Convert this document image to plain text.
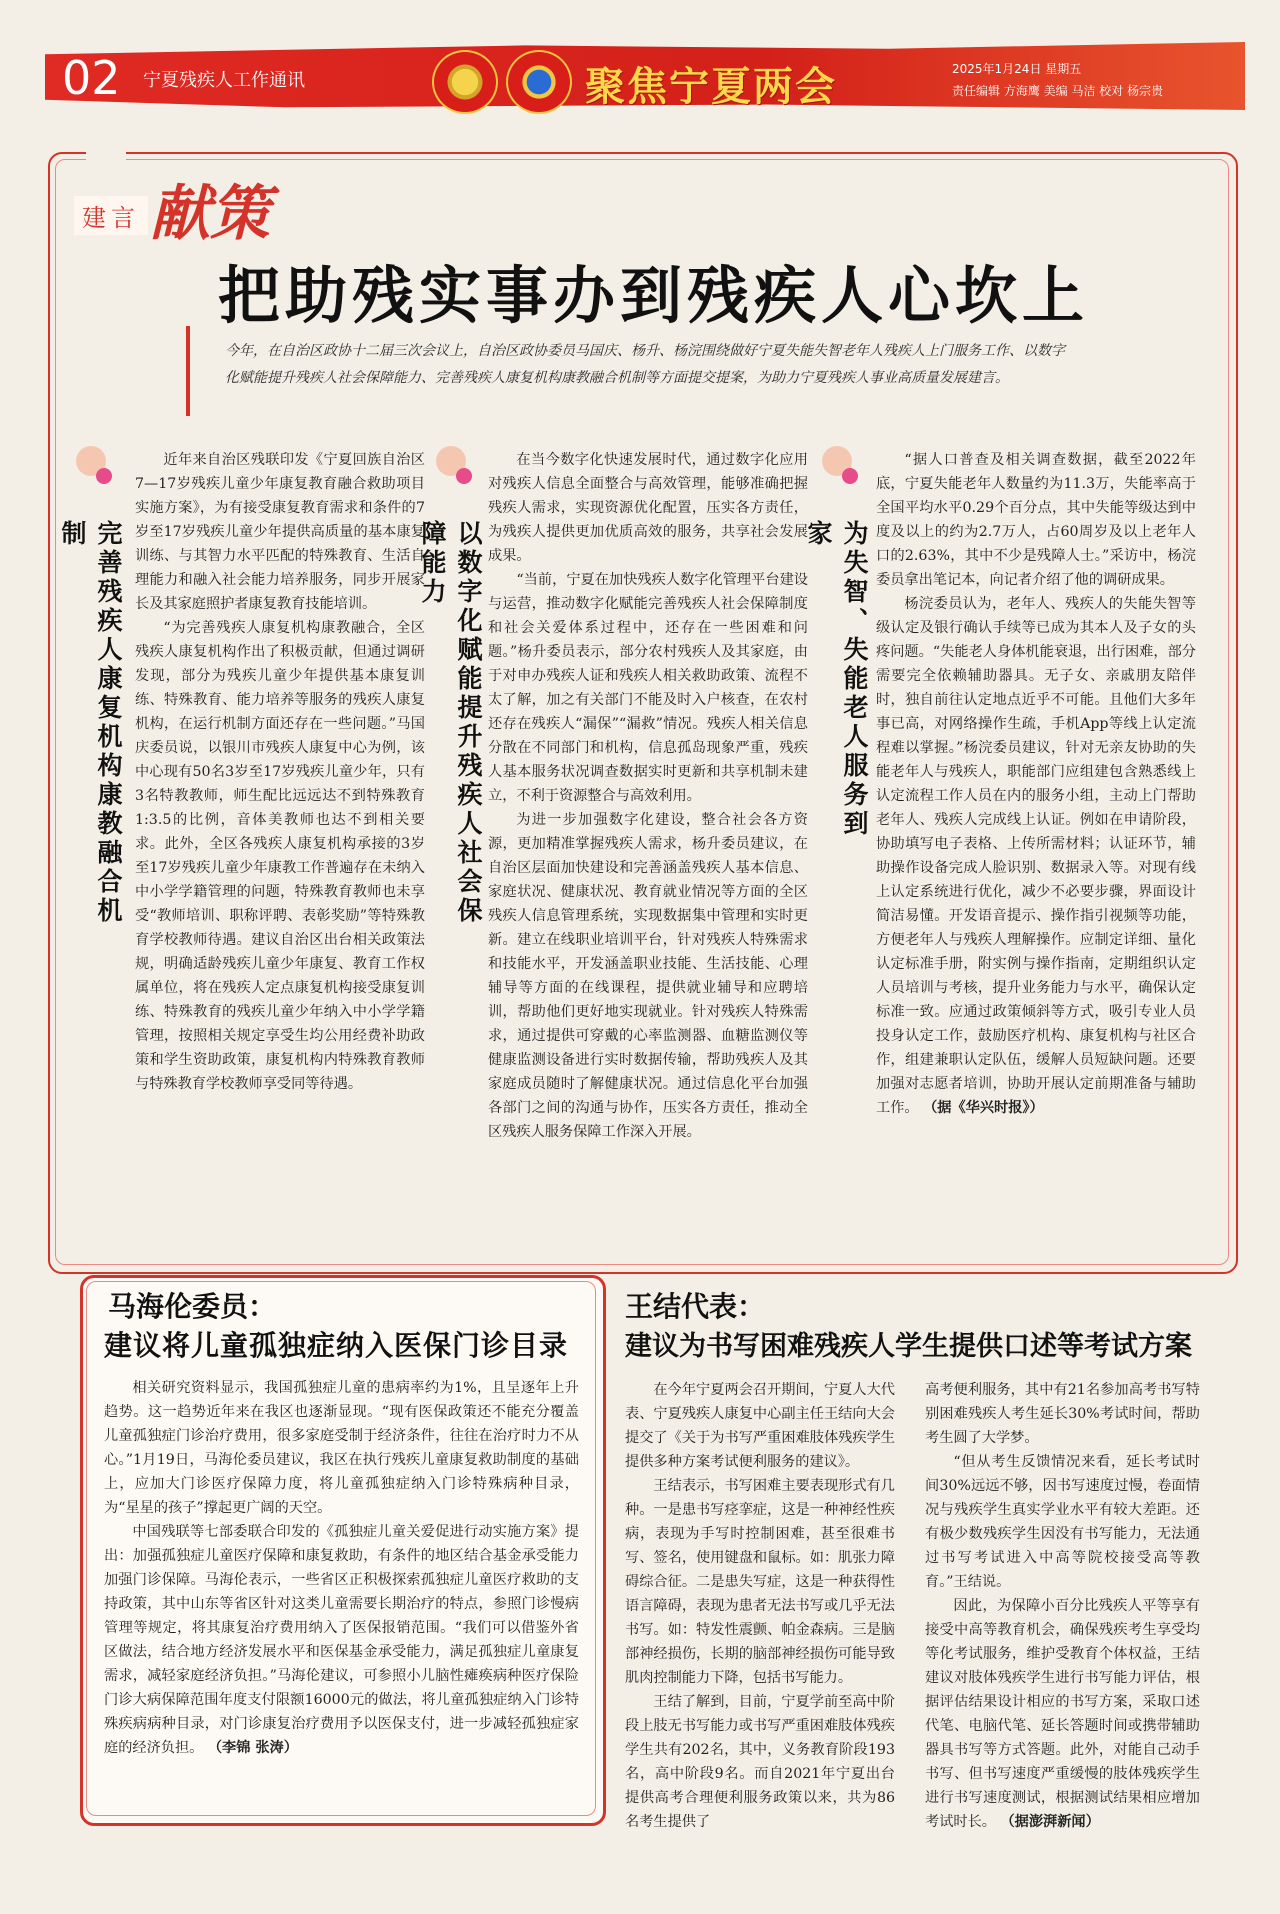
02	宁夏残疾人工作通讯	聚焦宁夏两会	2025年1月24日 星期五
责任编辑 方海鹰 美编 马洁 校对 杨宗贵
建言 献策
把助残实事办到残疾人心坎上
今年，在自治区政协十二届三次会议上，自治区政协委员马国庆、杨升、杨浣围绕做好宁夏失能失智老年人残疾人上门服务工作、以数字化赋能提升残疾人社会保障能力、完善残疾人康复机构康教融合机制等方面提交提案，为助力宁夏残疾人事业高质量发展建言。
完善残疾人康复机构康教融合机制

近年来自治区残联印发《宁夏回族自治区7—17岁残疾儿童少年康复教育融合救助项目实施方案》，为有接受康复教育需求和条件的7岁至17岁残疾儿童少年提供高质量的基本康复训练、与其智力水平匹配的特殊教育、生活自理能力和融入社会能力培养服务，同步开展家长及其家庭照护者康复教育技能培训。

“为完善残疾人康复机构康教融合，全区残疾人康复机构作出了积极贡献，但通过调研发现，部分为残疾儿童少年提供基本康复训练、特殊教育、能力培养等服务的残疾人康复机构，在运行机制方面还存在一些问题。”马国庆委员说，以银川市残疾人康复中心为例，该中心现有50名3岁至17岁残疾儿童少年，只有3名特教教师，师生配比远远达不到特殊教育1:3.5的比例，音体美教师也达不到相关要求。此外，全区各残疾人康复机构承接的3岁至17岁残疾儿童少年康教工作普遍存在未纳入中小学学籍管理的问题，特殊教育教师也未享受“教师培训、职称评聘、表彰奖励”等特殊教育学校教师待遇。建议自治区出台相关政策法规，明确适龄残疾儿童少年康复、教育工作权属单位，将在残疾人定点康复机构接受康复训练、特殊教育的残疾儿童少年纳入中小学学籍管理，按照相关规定享受生均公用经费补助政策和学生资助政策，康复机构内特殊教育教师与特殊教育学校教师享受同等待遇。

以数字化赋能提升残疾人社会保障能力

在当今数字化快速发展时代，通过数字化应用对残疾人信息全面整合与高效管理，能够准确把握残疾人需求，实现资源优化配置，压实各方责任，为残疾人提供更加优质高效的服务，共享社会发展成果。

“当前，宁夏在加快残疾人数字化管理平台建设与运营，推动数字化赋能完善残疾人社会保障制度和社会关爱体系过程中，还存在一些困难和问题。”杨升委员表示，部分农村残疾人及其家庭，由于对申办残疾人证和残疾人相关救助政策、流程不太了解，加之有关部门不能及时入户核查，在农村还存在残疾人“漏保”“漏救”情况。残疾人相关信息分散在不同部门和机构，信息孤岛现象严重，残疾人基本服务状况调查数据实时更新和共享机制未建立，不利于资源整合与高效利用。

为进一步加强数字化建设，整合社会各方资源，更加精准掌握残疾人需求，杨升委员建议，在自治区层面加快建设和完善涵盖残疾人基本信息、家庭状况、健康状况、教育就业情况等方面的全区残疾人信息管理系统，实现数据集中管理和实时更新。建立在线职业培训平台，针对残疾人特殊需求和技能水平，开发涵盖职业技能、生活技能、心理辅导等方面的在线课程，提供就业辅导和应聘培训，帮助他们更好地实现就业。针对残疾人特殊需求，通过提供可穿戴的心率监测器、血糖监测仪等健康监测设备进行实时数据传输，帮助残疾人及其家庭成员随时了解健康状况。通过信息化平台加强各部门之间的沟通与协作，压实各方责任，推动全区残疾人服务保障工作深入开展。

为失智、失能老人服务到家

“据人口普查及相关调查数据，截至2022年底，宁夏失能老年人数量约为11.3万，失能率高于全国平均水平0.29个百分点，其中失能等级达到中度及以上的约为2.7万人，占60周岁及以上老年人口的2.63%，其中不少是残障人士。”采访中，杨浣委员拿出笔记本，向记者介绍了他的调研成果。

杨浣委员认为，老年人、残疾人的失能失智等级认定及银行确认手续等已成为其本人及子女的头疼问题。“失能老人身体机能衰退，出行困难，部分需要完全依赖辅助器具。无子女、亲戚朋友陪伴时，独自前往认定地点近乎不可能。且他们大多年事已高，对网络操作生疏，手机App等线上认定流程难以掌握。”杨浣委员建议，针对无亲友协助的失能老年人与残疾人，职能部门应组建包含熟悉线上认定流程工作人员在内的服务小组，主动上门帮助老年人、残疾人完成线上认证。例如在申请阶段，协助填写电子表格、上传所需材料；认证环节，辅助操作设备完成人脸识别、数据录入等。对现有线上认定系统进行优化，减少不必要步骤，界面设计简洁易懂。开发语音提示、操作指引视频等功能，方便老年人与残疾人理解操作。应制定详细、量化认定标准手册，附实例与操作指南，定期组织认定人员培训与考核，提升业务能力与水平，确保认定标准一致。应通过政策倾斜等方式，吸引专业人员投身认定工作，鼓励医疗机构、康复机构与社区合作，组建兼职认定队伍，缓解人员短缺问题。还要加强对志愿者培训，协助开展认定前期准备与辅助工作。 （据《华兴时报》）

马海伦委员：
建议将儿童孤独症纳入医保门诊目录

相关研究资料显示，我国孤独症儿童的患病率约为1%，且呈逐年上升趋势。这一趋势近年来在我区也逐渐显现。“现有医保政策还不能充分覆盖儿童孤独症门诊治疗费用，很多家庭受制于经济条件，往往在治疗时力不从心。”1月19日，马海伦委员建议，我区在执行残疾儿童康复救助制度的基础上，应加大门诊医疗保障力度，将儿童孤独症纳入门诊特殊病种目录，为“星星的孩子”撑起更广阔的天空。

中国残联等七部委联合印发的《孤独症儿童关爱促进行动实施方案》提出：加强孤独症儿童医疗保障和康复救助，有条件的地区结合基金承受能力加强门诊保障。马海伦表示，一些省区正积极探索孤独症儿童医疗救助的支持政策，其中山东等省区针对这类儿童需要长期治疗的特点，参照门诊慢病管理等规定，将其康复治疗费用纳入了医保报销范围。“我们可以借鉴外省区做法，结合地方经济发展水平和医保基金承受能力，满足孤独症儿童康复需求，减轻家庭经济负担。”马海伦建议，可参照小儿脑性瘫痪病种医疗保险门诊大病保障范围年度支付限额16000元的做法，将儿童孤独症纳入门诊特殊疾病病种目录，对门诊康复治疗费用予以医保支付，进一步减轻孤独症家庭的经济负担。 （李锦 张涛）

王结代表：
建议为书写困难残疾人学生提供口述等考试方案

在今年宁夏两会召开期间，宁夏人大代表、宁夏残疾人康复中心副主任王结向大会提交了《关于为书写严重困难肢体残疾学生提供多种方案考试便利服务的建议》。

王结表示，书写困难主要表现形式有几种。一是患书写痉挛症，这是一种神经性疾病，表现为手写时控制困难，甚至很难书写、签名，使用键盘和鼠标。如：肌张力障碍综合征。二是患失写症，这是一种获得性语言障碍，表现为患者无法书写或几乎无法书写。如：特发性震颤、帕金森病。三是脑部神经损伤，长期的脑部神经损伤可能导致肌肉控制能力下降，包括书写能力。

王结了解到，目前，宁夏学前至高中阶段上肢无书写能力或书写严重困难肢体残疾学生共有202名，其中，义务教育阶段193名，高中阶段9名。而自2021年宁夏出台提供高考合理便利服务政策以来，共为86名考生提供了

高考便利服务，其中有21名参加高考书写特别困难残疾人考生延长30%考试时间，帮助考生圆了大学梦。

“但从考生反馈情况来看，延长考试时间30%远远不够，因书写速度过慢，卷面情况与残疾学生真实学业水平有较大差距。还有极少数残疾学生因没有书写能力，无法通过书写考试进入中高等院校接受高等教育。”王结说。

因此，为保障小百分比残疾人平等享有接受中高等教育机会，确保残疾考生享受均等化考试服务，维护受教育个体权益，王结建议对肢体残疾学生进行书写能力评估，根据评估结果设计相应的书写方案，采取口述代笔、电脑代笔、延长答题时间或携带辅助器具书写等方式答题。此外，对能自己动手书写、但书写速度严重缓慢的肢体残疾学生进行书写速度测试，根据测试结果相应增加考试时长。 （据澎湃新闻）
